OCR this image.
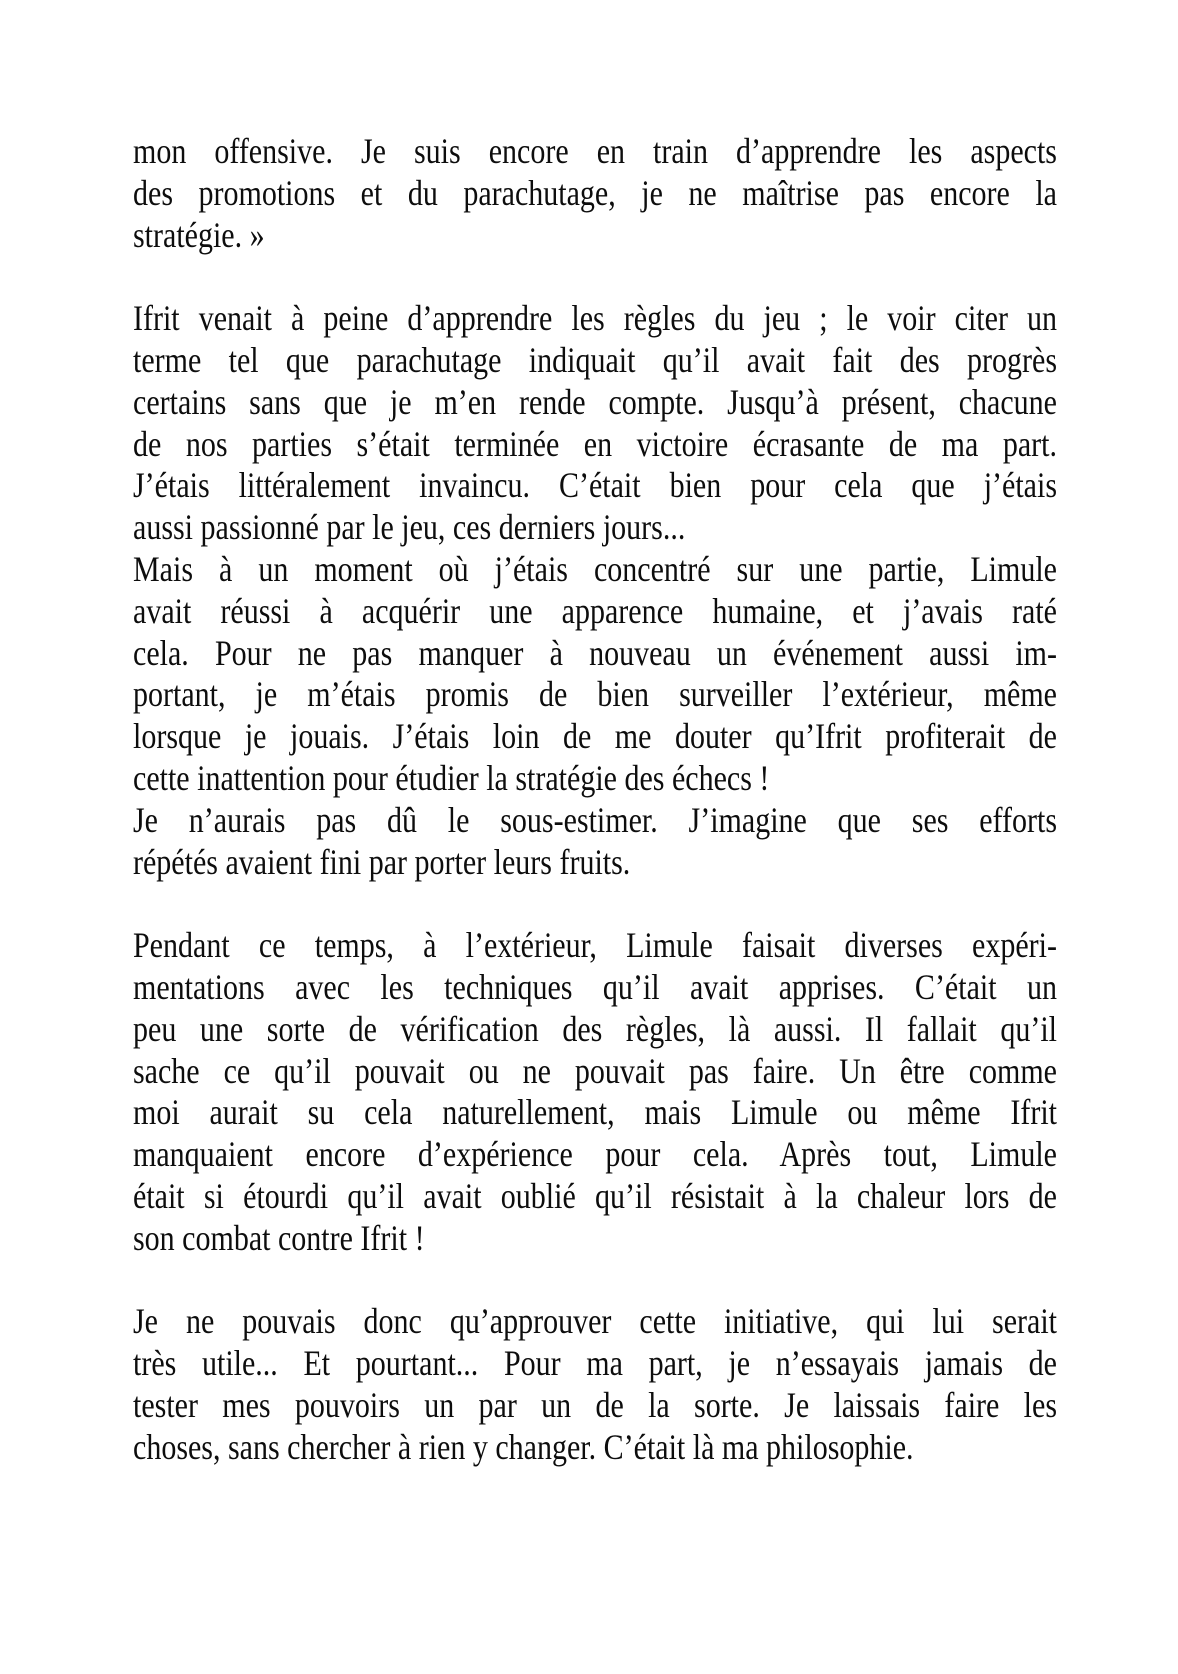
mon offensive. Je suis encore en train d’apprendre les aspects
des promotions et du parachutage, je ne maîtrise pas encore la
stratégie. »
Ifrit venait à peine d’apprendre les règles du jeu ; le voir citer un
terme tel que parachutage indiquait qu’il avait fait des progrès
certains sans que je m’en rende compte. Jusqu’à présent, chacune
de nos parties s’était terminée en victoire écrasante de ma part.
J’étais littéralement invaincu. C’était bien pour cela que j’étais
aussi passionné par le jeu, ces derniers jours...
Mais à un moment où j’étais concentré sur une partie, Limule
avait réussi à acquérir une apparence humaine, et j’avais raté
cela. Pour ne pas manquer à nouveau un événement aussi im-
portant, je m’étais promis de bien surveiller l’extérieur, même
lorsque je jouais. J’étais loin de me douter qu’Ifrit profiterait de
cette inattention pour étudier la stratégie des échecs !
Je n’aurais pas dû le sous-estimer. J’imagine que ses efforts
répétés avaient fini par porter leurs fruits.
Pendant ce temps, à l’extérieur, Limule faisait diverses expéri-
mentations avec les techniques qu’il avait apprises. C’était un
peu une sorte de vérification des règles, là aussi. Il fallait qu’il
sache ce qu’il pouvait ou ne pouvait pas faire. Un être comme
moi aurait su cela naturellement, mais Limule ou même Ifrit
manquaient encore d’expérience pour cela. Après tout, Limule
était si étourdi qu’il avait oublié qu’il résistait à la chaleur lors de
son combat contre Ifrit !
Je ne pouvais donc qu’approuver cette initiative, qui lui serait
très utile... Et pourtant... Pour ma part, je n’essayais jamais de
tester mes pouvoirs un par un de la sorte. Je laissais faire les
choses, sans chercher à rien y changer. C’était là ma philosophie.
